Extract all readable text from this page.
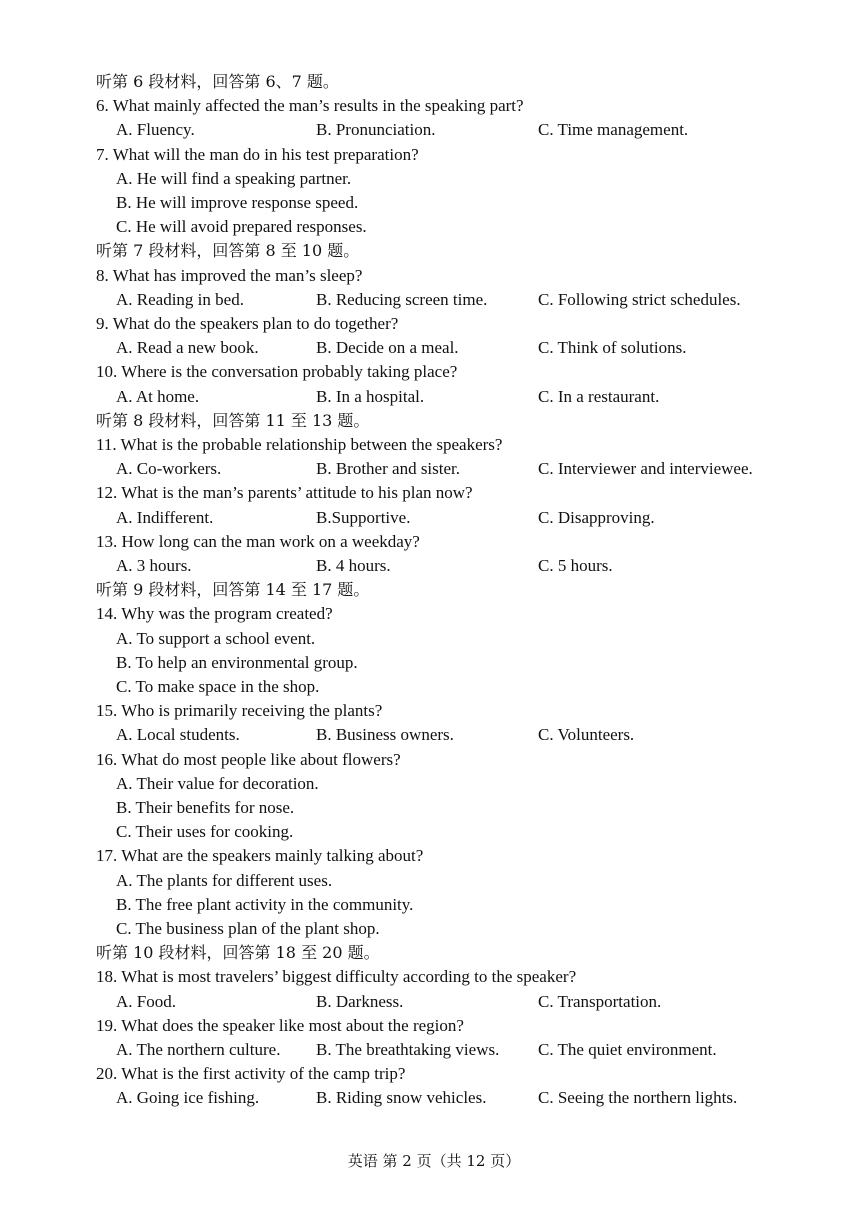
听第 6 段材料，回答第 6、7 题。
6. What mainly affected the man’s results in the speaking part?
A. Fluency.	B. Pronunciation.	C. Time management.
7. What will the man do in his test preparation?
A. He will find a speaking partner.
B. He will improve response speed.
C. He will avoid prepared responses.
听第 7 段材料，回答第 8 至 10 题。
8. What has improved the man’s sleep?
A. Reading in bed.	B. Reducing screen time.	C. Following strict schedules.
9. What do the speakers plan to do together?
A. Read a new book.	B. Decide on a meal.	C. Think of solutions.
10. Where is the conversation probably taking place?
A. At home.	B. In a hospital.	C. In a restaurant.
听第 8 段材料，回答第 11 至 13 题。
11. What is the probable relationship between the speakers?
A. Co-workers.	B. Brother and sister.	C. Interviewer and interviewee.
12. What is the man’s parents’ attitude to his plan now?
A. Indifferent.	B.Supportive.	C. Disapproving.
13. How long can the man work on a weekday?
A. 3 hours.	B. 4 hours.	C. 5 hours.
听第 9 段材料，回答第 14 至 17 题。
14. Why was the program created?
A. To support a school event.
B. To help an environmental group.
C. To make space in the shop.
15. Who is primarily receiving the plants?
A. Local students.	B. Business owners.	C. Volunteers.
16. What do most people like about flowers?
A. Their value for decoration.
B. Their benefits for nose.
C. Their uses for cooking.
17. What are the speakers mainly talking about?
A. The plants for different uses.
B. The free plant activity in the community.
C. The business plan of the plant shop.
听第 10 段材料，回答第 18 至 20 题。
18. What is most travelers’ biggest difficulty according to the speaker?
A. Food.	B. Darkness.	C. Transportation.
19. What does the speaker like most about the region?
A. The northern culture. B. The breathtaking views. C. The quiet environment.
20. What is the first activity of the camp trip?
A. Going ice fishing.	B. Riding snow vehicles.	C. Seeing the northern lights.
英语 第 2 页（共 12 页）
